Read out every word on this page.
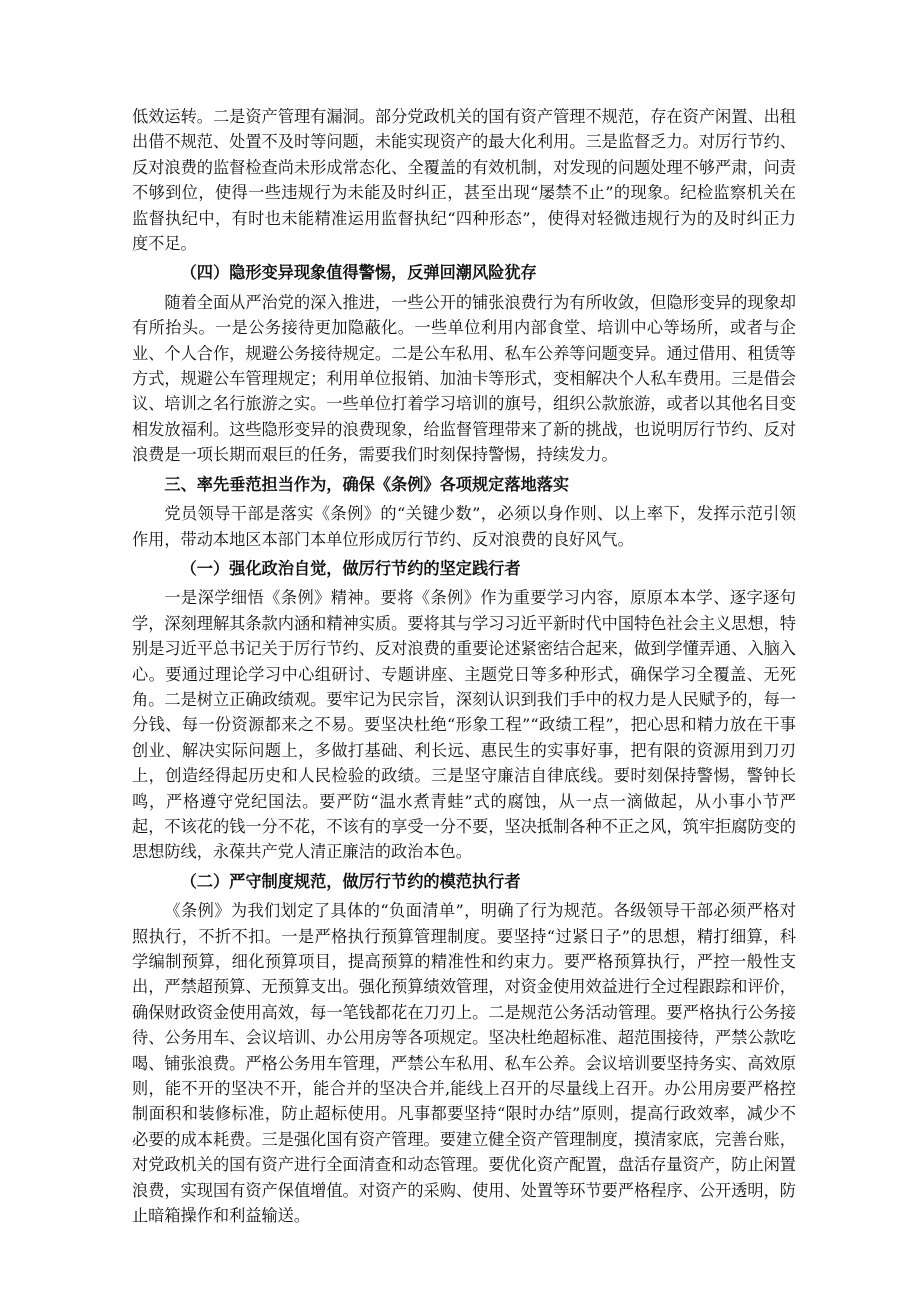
低效运转。二是资产管理有漏洞。部分党政机关的国有资产管理不规范，存在资产闲置、出租出借不规范、处置不及时等问题，未能实现资产的最大化利用。三是监督乏力。对厉行节约、反对浪费的监督检查尚未形成常态化、全覆盖的有效机制，对发现的问题处理不够严肃，问责不够到位，使得一些违规行为未能及时纠正，甚至出现“屡禁不止”的现象。纪检监察机关在监督执纪中，有时也未能精准运用监督执纪“四种形态”，使得对轻微违规行为的及时纠正力度不足。

（四）隐形变异现象值得警惕，反弹回潮风险犹存

随着全面从严治党的深入推进，一些公开的铺张浪费行为有所收敛，但隐形变异的现象却有所抬头。一是公务接待更加隐蔽化。一些单位利用内部食堂、培训中心等场所，或者与企业、个人合作，规避公务接待规定。二是公车私用、私车公养等问题变异。通过借用、租赁等方式，规避公车管理规定；利用单位报销、加油卡等形式，变相解决个人私车费用。三是借会议、培训之名行旅游之实。一些单位打着学习培训的旗号，组织公款旅游，或者以其他名目变相发放福利。这些隐形变异的浪费现象，给监督管理带来了新的挑战，也说明厉行节约、反对浪费是一项长期而艰巨的任务，需要我们时刻保持警惕，持续发力。

三、率先垂范担当作为，确保《条例》各项规定落地落实

党员领导干部是落实《条例》的“关键少数”，必须以身作则、以上率下，发挥示范引领作用，带动本地区本部门本单位形成厉行节约、反对浪费的良好风气。

（一）强化政治自觉，做厉行节约的坚定践行者

一是深学细悟《条例》精神。要将《条例》作为重要学习内容，原原本本学、逐字逐句学，深刻理解其条款内涵和精神实质。要将其与学习习近平新时代中国特色社会主义思想，特别是习近平总书记关于厉行节约、反对浪费的重要论述紧密结合起来，做到学懂弄通、入脑入心。要通过理论学习中心组研讨、专题讲座、主题党日等多种形式，确保学习全覆盖、无死角。二是树立正确政绩观。要牢记为民宗旨，深刻认识到我们手中的权力是人民赋予的，每一分钱、每一份资源都来之不易。要坚决杜绝“形象工程”“政绩工程”，把心思和精力放在干事创业、解决实际问题上，多做打基础、利长远、惠民生的实事好事，把有限的资源用到刀刃上，创造经得起历史和人民检验的政绩。三是坚守廉洁自律底线。要时刻保持警惕，警钟长鸣，严格遵守党纪国法。要严防“温水煮青蛙”式的腐蚀，从一点一滴做起，从小事小节严起，不该花的钱一分不花，不该有的享受一分不要，坚决抵制各种不正之风，筑牢拒腐防变的思想防线，永葆共产党人清正廉洁的政治本色。

（二）严守制度规范，做厉行节约的模范执行者

《条例》为我们划定了具体的“负面清单”，明确了行为规范。各级领导干部必须严格对照执行，不折不扣。一是严格执行预算管理制度。要坚持“过紧日子”的思想，精打细算，科学编制预算，细化预算项目，提高预算的精准性和约束力。要严格预算执行，严控一般性支出，严禁超预算、无预算支出。强化预算绩效管理，对资金使用效益进行全过程跟踪和评价，确保财政资金使用高效，每一笔钱都花在刀刃上。二是规范公务活动管理。要严格执行公务接待、公务用车、会议培训、办公用房等各项规定。坚决杜绝超标准、超范围接待，严禁公款吃喝、铺张浪费。严格公务用车管理，严禁公车私用、私车公养。会议培训要坚持务实、高效原则，能不开的坚决不开，能合并的坚决合并,能线上召开的尽量线上召开。办公用房要严格控制面积和装修标准，防止超标使用。凡事都要坚持“限时办结”原则，提高行政效率，减少不必要的成本耗费。三是强化国有资产管理。要建立健全资产管理制度，摸清家底，完善台账，对党政机关的国有资产进行全面清查和动态管理。要优化资产配置，盘活存量资产，防止闲置浪费，实现国有资产保值增值。对资产的采购、使用、处置等环节要严格程序、公开透明，防止暗箱操作和利益输送。
